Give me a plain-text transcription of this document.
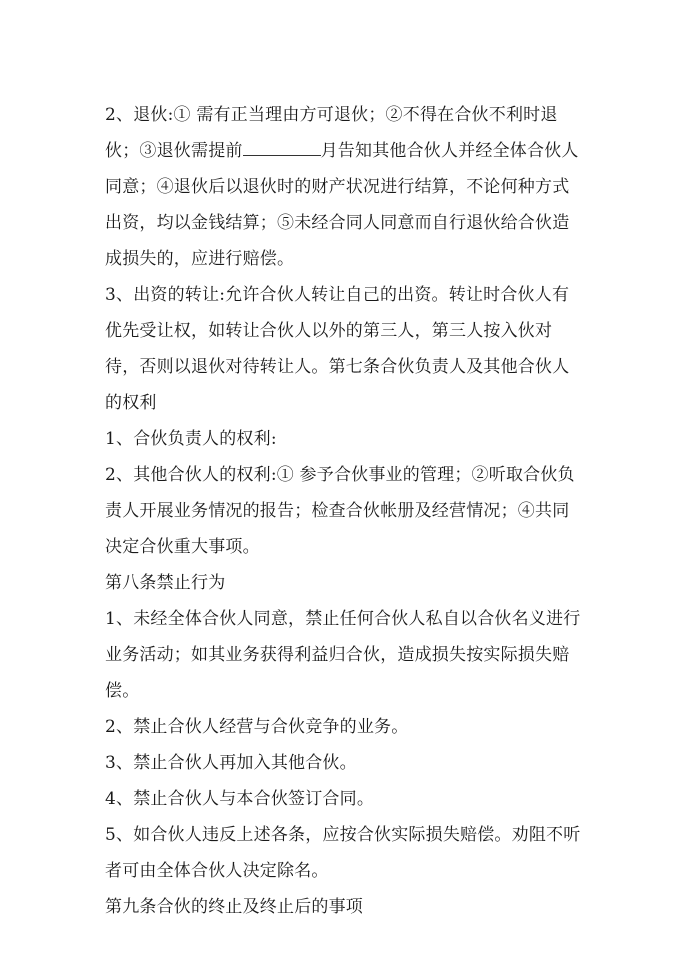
2、退伙:① 需有正当理由方可退伙；②不得在合伙不利时退伙；③退伙需提前	月告知其他合伙人并经全体合伙人同意；④退伙后以退伙时的财产状况进行结算，不论何种方式出资，均以金钱结算；⑤未经合同人同意而自行退伙给合伙造成损失的，应进行赔偿。

3、出资的转让:允许合伙人转让自己的出资。转让时合伙人有优先受让权，如转让合伙人以外的第三人，第三人按入伙对待，否则以退伙对待转让人。第七条合伙负责人及其他合伙人的权利

1、合伙负责人的权利:

2、其他合伙人的权利:① 参予合伙事业的管理；②听取合伙负责人开展业务情况的报告；检查合伙帐册及经营情况；④共同决定合伙重大事项。

第八条禁止行为

1、未经全体合伙人同意，禁止任何合伙人私自以合伙名义进行业务活动；如其业务获得利益归合伙，造成损失按实际损失赔偿。

2、禁止合伙人经营与合伙竞争的业务。

3、禁止合伙人再加入其他合伙。

4、禁止合伙人与本合伙签订合同。

5、如合伙人违反上述各条，应按合伙实际损失赔偿。劝阻不听者可由全体合伙人决定除名。

第九条合伙的终止及终止后的事项
